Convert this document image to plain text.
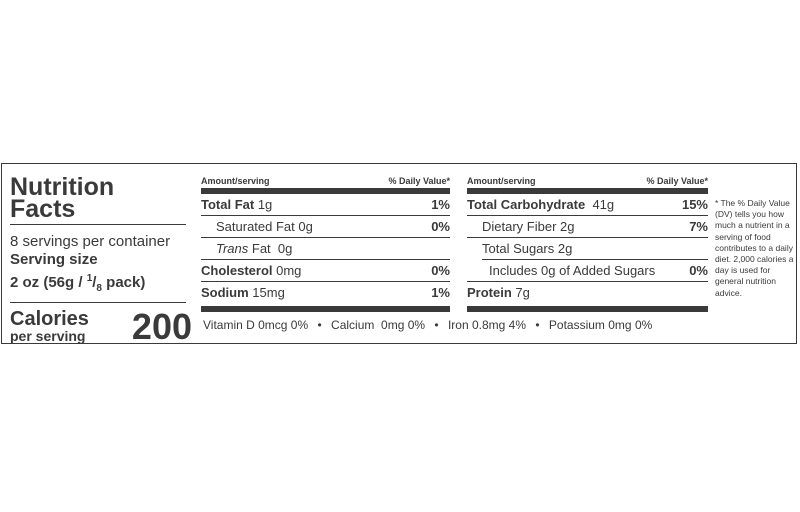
Nutrition
Facts
8 servings per container
Serving size
2 oz ($56g / ^1/_8$ pack)
Calories
per serving 200
Amount/serving	% Daily Value*
Total Fat 1g	1%
Saturated Fat 0g	0%
Trans Fat  0g
Cholesterol 0mg	0%
Sodium 15mg	1%
Amount/serving	% Daily Value*
Total Carbohydrate  41g	15%
Dietary Fiber 2g	7%
Total Sugars 2g
Includes 0g of Added Sugars	0%
Protein 7g
* The % Daily Value (DV) tells you how much a nutrient in a serving of food contributes to a daily diet. 2,000 calories a day is used for general nutrition advice.
Vitamin D 0mcg 0% • Calcium  0mg 0% • Iron 0.8mg 4% • Potassium 0mg 0%
